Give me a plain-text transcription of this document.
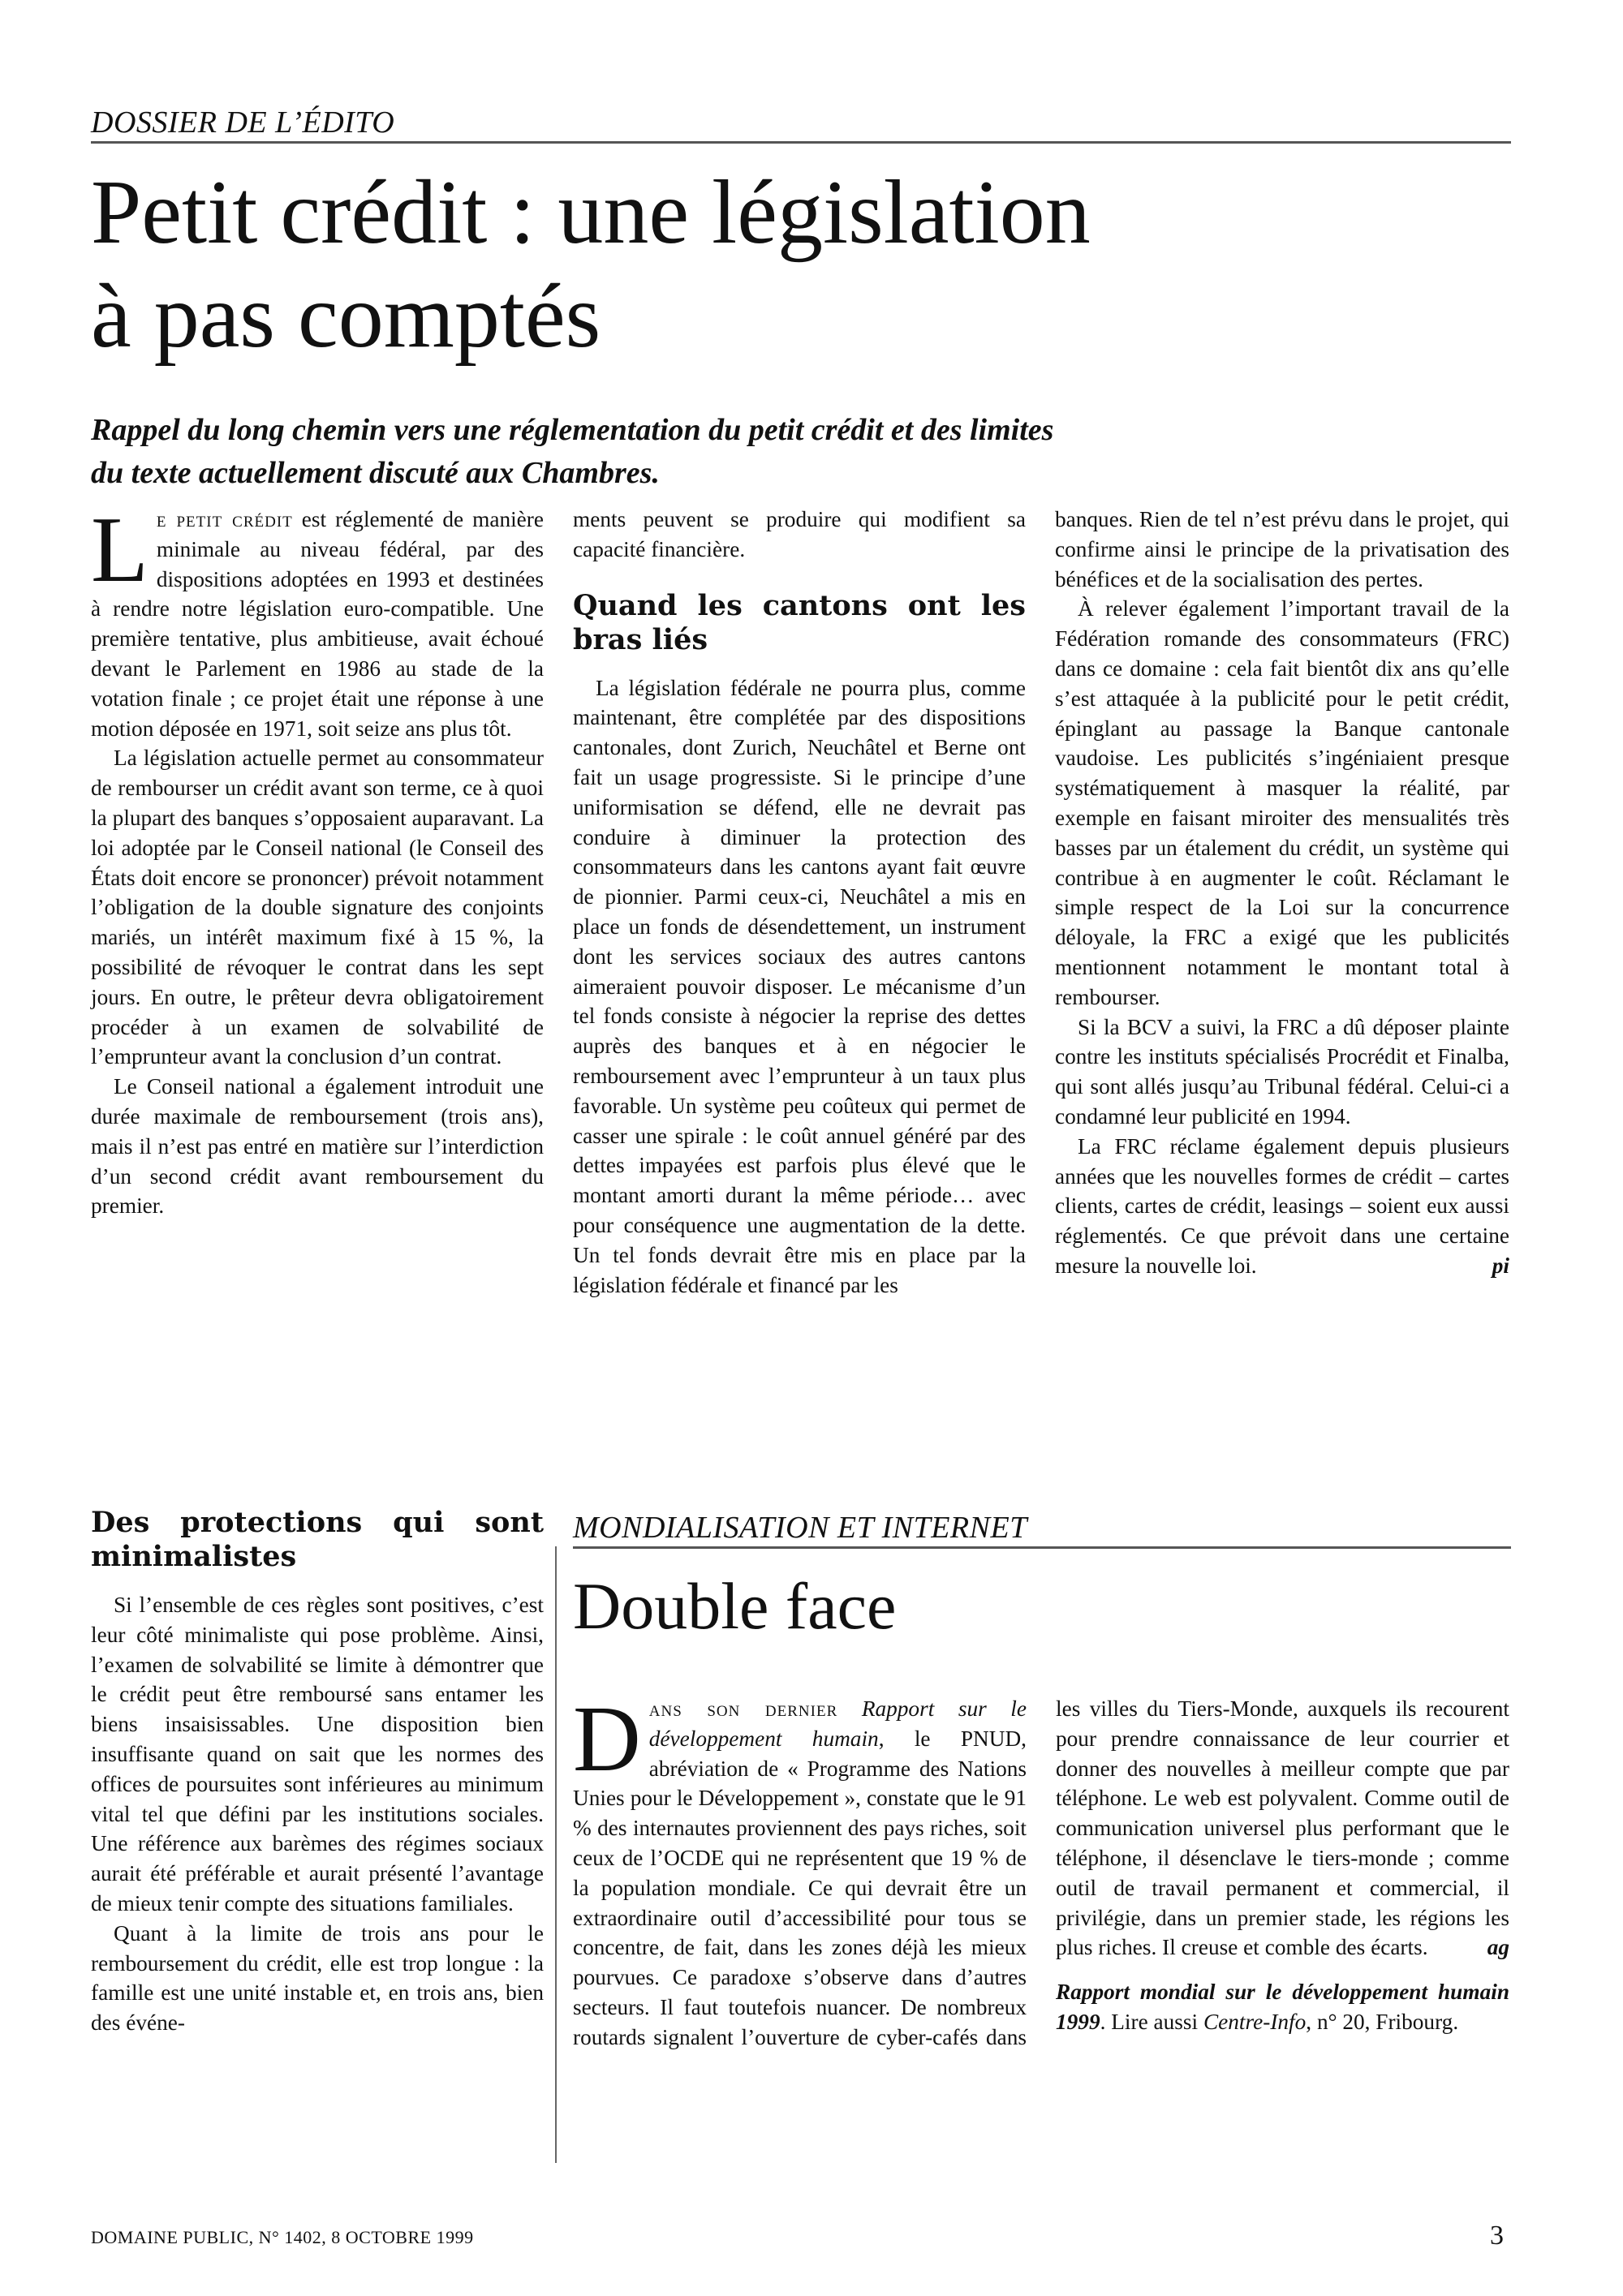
DOSSIER DE L’ÉDITO
Petit crédit : une législation
à pas comptés
Rappel du long chemin vers une réglementation du petit crédit et des limites
du texte actuellement discuté aux Chambres.

Le petit crédit est réglementé de manière minimale au niveau fédéral, par des dispositions adoptées en 1993 et destinées à rendre notre législation euro-compatible. Une première tentative, plus ambitieuse, avait échoué devant le Parlement en 1986 au stade de la votation finale ; ce projet était une réponse à une motion déposée en 1971, soit seize ans plus tôt.

La législation actuelle permet au consommateur de rembourser un crédit avant son terme, ce à quoi la plupart des banques s’opposaient auparavant. La loi adoptée par le Conseil national (le Conseil des États doit encore se prononcer) prévoit notamment l’obligation de la double signature des conjoints mariés, un intérêt maximum fixé à 15 %, la possibilité de révoquer le contrat dans les sept jours. En outre, le prêteur devra obligatoirement procéder à un examen de solvabilité de l’emprunteur avant la conclusion d’un contrat.

Le Conseil national a également introduit une durée maximale de remboursement (trois ans), mais il n’est pas entré en matière sur l’interdiction d’un second crédit avant remboursement du premier.

Des protections qui sont minimalistes

Si l’ensemble de ces règles sont positives, c’est leur côté minimaliste qui pose problème. Ainsi, l’examen de solvabilité se limite à démontrer que le crédit peut être remboursé sans entamer les biens insaisissables. Une disposition bien insuffisante quand on sait que les normes des offices de poursuites sont inférieures au minimum vital tel que défini par les institutions sociales. Une référence aux barèmes des régimes sociaux aurait été préférable et aurait présenté l’avantage de mieux tenir compte des situations familiales.

Quant à la limite de trois ans pour le remboursement du crédit, elle est trop longue : la famille est une unité instable et, en trois ans, bien des événe-

ments peuvent se produire qui modifient sa capacité financière.

Quand les cantons ont les bras liés

La législation fédérale ne pourra plus, comme maintenant, être complétée par des dispositions cantonales, dont Zurich, Neuchâtel et Berne ont fait un usage progressiste. Si le principe d’une uniformisation se défend, elle ne devrait pas conduire à diminuer la protection des consommateurs dans les cantons ayant fait œuvre de pionnier. Parmi ceux-ci, Neuchâtel a mis en place un fonds de désendettement, un instrument dont les services sociaux des autres cantons aimeraient pouvoir disposer. Le mécanisme d’un tel fonds consiste à négocier la reprise des dettes auprès des banques et à en négocier le remboursement avec l’emprunteur à un taux plus favorable. Un système peu coûteux qui permet de casser une spirale : le coût annuel généré par des dettes impayées est parfois plus élevé que le montant amorti durant la même période… avec pour conséquence une augmentation de la dette. Un tel fonds devrait être mis en place par la législation fédérale et financé par les

banques. Rien de tel n’est prévu dans le projet, qui confirme ainsi le principe de la privatisation des bénéfices et de la socialisation des pertes.

À relever également l’important travail de la Fédération romande des consommateurs (FRC) dans ce domaine : cela fait bientôt dix ans qu’elle s’est attaquée à la publicité pour le petit crédit, épinglant au passage la Banque cantonale vaudoise. Les publicités s’ingéniaient presque systématiquement à masquer la réalité, par exemple en faisant miroiter des mensualités très basses par un étalement du crédit, un système qui contribue à en augmenter le coût. Réclamant le simple respect de la Loi sur la concurrence déloyale, la FRC a exigé que les publicités mentionnent notamment le montant total à rembourser.

Si la BCV a suivi, la FRC a dû déposer plainte contre les instituts spécialisés Procrédit et Finalba, qui sont allés jusqu’au Tribunal fédéral. Celui-ci a condamné leur publicité en 1994.

La FRC réclame également depuis plusieurs années que les nouvelles formes de crédit – cartes clients, cartes de crédit, leasings – soient eux aussi réglementés. Ce que prévoit dans une certaine mesure la nouvelle loi.	pi

MONDIALISATION ET INTERNET
Double face

Dans son dernier Rapport sur le développement humain, le PNUD, abréviation de « Programme des Nations Unies pour le Développement », constate que le 91 % des internautes proviennent des pays riches, soit ceux de l’OCDE qui ne représentent que 19 % de la population mondiale. Ce qui devrait être un extraordinaire outil d’accessibilité pour tous se concentre, de fait, dans les zones déjà les mieux pourvues. Ce paradoxe s’observe dans d’autres secteurs. Il faut toutefois nuancer. De nombreux routards signalent l’ouverture de cyber-cafés dans les villes du Tiers-Monde, auxquels ils recourent pour prendre connaissance de leur courrier et donner des nouvelles à meilleur compte que par téléphone. Le web est polyvalent. Comme outil de communication universel plus performant que le téléphone, il désenclave le tiers-monde ; comme outil de travail permanent et commercial, il privilégie, dans un premier stade, les régions les plus riches. Il creuse et comble des écarts.	ag

Rapport mondial sur le développement humain 1999. Lire aussi Centre-Info, n° 20, Fribourg.

DOMAINE PUBLIC, N° 1402, 8 OCTOBRE 1999	3
